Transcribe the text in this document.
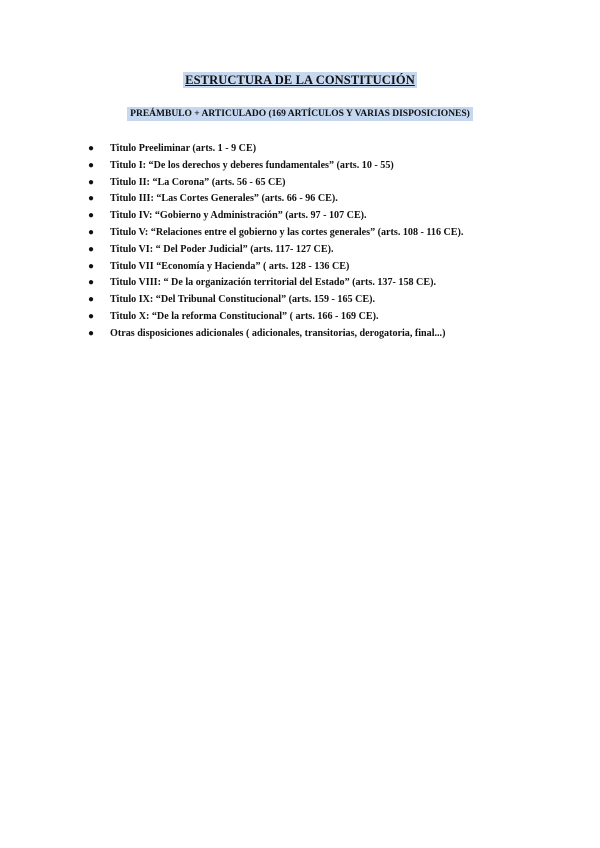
ESTRUCTURA DE LA CONSTITUCIÓN
PREÁMBULO + ARTICULADO (169 ARTÍCULOS Y VARIAS DISPOSICIONES)
● Titulo Preeliminar (arts. 1 - 9 CE)
● Titulo I: “De los derechos y deberes fundamentales” (arts. 10 - 55)
● Titulo II: “La Corona” (arts. 56 - 65 CE)
● Titulo III: “Las Cortes Generales” (arts. 66 - 96 CE).
● Titulo IV: “Gobierno y Administración” (arts. 97 - 107 CE).
● Titulo V: “Relaciones entre el gobierno y las cortes generales” (arts. 108 - 116 CE).
● Titulo VI: “ Del Poder Judicial” (arts. 117- 127 CE).
● Titulo VII “Economía y Hacienda” ( arts. 128 - 136 CE)
● Titulo VIII: “ De la organización territorial del Estado” (arts. 137- 158 CE).
● Titulo IX: “Del Tribunal Constitucional” (arts. 159 - 165 CE).
● Titulo X: “De la reforma Constitucional” ( arts. 166 - 169 CE).
● Otras disposiciones adicionales ( adicionales, transitorias, derogatoria, final...)
